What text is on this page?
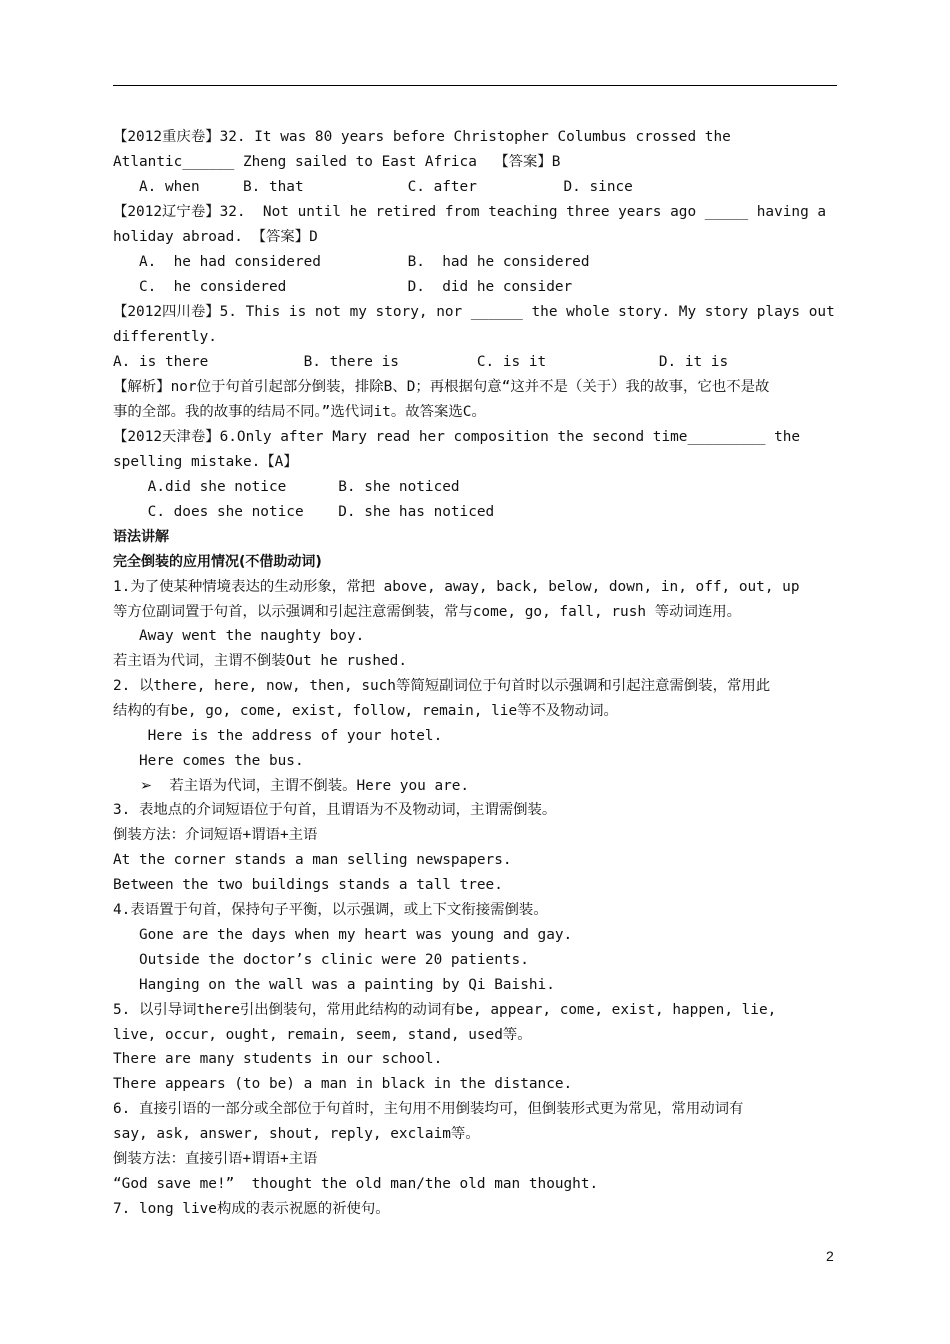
【2012重庆卷】32. It was 80 years before Christopher Columbus crossed the
Atlantic______ Zheng sailed to East Africa  【答案】B
A. when     B. that            C. after          D. since
【2012辽宁卷】32.  Not until he retired from teaching three years ago _____ having a
holiday abroad. 【答案】D
A.  he had considered          B.  had he considered
C.  he considered              D.  did he consider
【2012四川卷】5. This is not my story, nor ______ the whole story. My story plays out
differently.
A. is there           B. there is         C. is it             D. it is
【解析】nor位于句首引起部分倒装，排除B、D；再根据句意“这并不是（关于）我的故事，它也不是故
事的全部。我的故事的结局不同。”选代词it。故答案选C。
【2012天津卷】6.Only after Mary read her composition the second time_________ the
spelling mistake.【A】
A.did she notice      B. she noticed
C. does she notice    D. she has noticed
语法讲解
完全倒装的应用情况(不借助动词)
1.为了使某种情境表达的生动形象，常把 above, away, back, below, down, in, off, out, up
等方位副词置于句首，以示强调和引起注意需倒装，常与come, go, fall, rush 等动词连用。
Away went the naughty boy.
若主语为代词，主谓不倒装Out he rushed.
2. 以there, here, now, then, such等简短副词位于句首时以示强调和引起注意需倒装，常用此
结构的有be, go, come, exist, follow, remain, lie等不及物动词。
Here is the address of your hotel.
Here comes the bus.
➢ 若主语为代词，主谓不倒装。Here you are.
3. 表地点的介词短语位于句首，且谓语为不及物动词，主谓需倒装。
倒装方法：介词短语+谓语+主语
At the corner stands a man selling newspapers.
Between the two buildings stands a tall tree.
4.表语置于句首，保持句子平衡，以示强调，或上下文衔接需倒装。
Gone are the days when my heart was young and gay.
Outside the doctor’s clinic were 20 patients.
Hanging on the wall was a painting by Qi Baishi.
5. 以引导词there引出倒装句，常用此结构的动词有be, appear, come, exist, happen, lie,
live, occur, ought, remain, seem, stand, used等。
There are many students in our school.
There appears (to be) a man in black in the distance.
6. 直接引语的一部分或全部位于句首时，主句用不用倒装均可，但倒装形式更为常见，常用动词有
say, ask, answer, shout, reply, exclaim等。
倒装方法：直接引语+谓语+主语
“God save me!”  thought the old man/the old man thought.
7. long live构成的表示祝愿的祈使句。
2
